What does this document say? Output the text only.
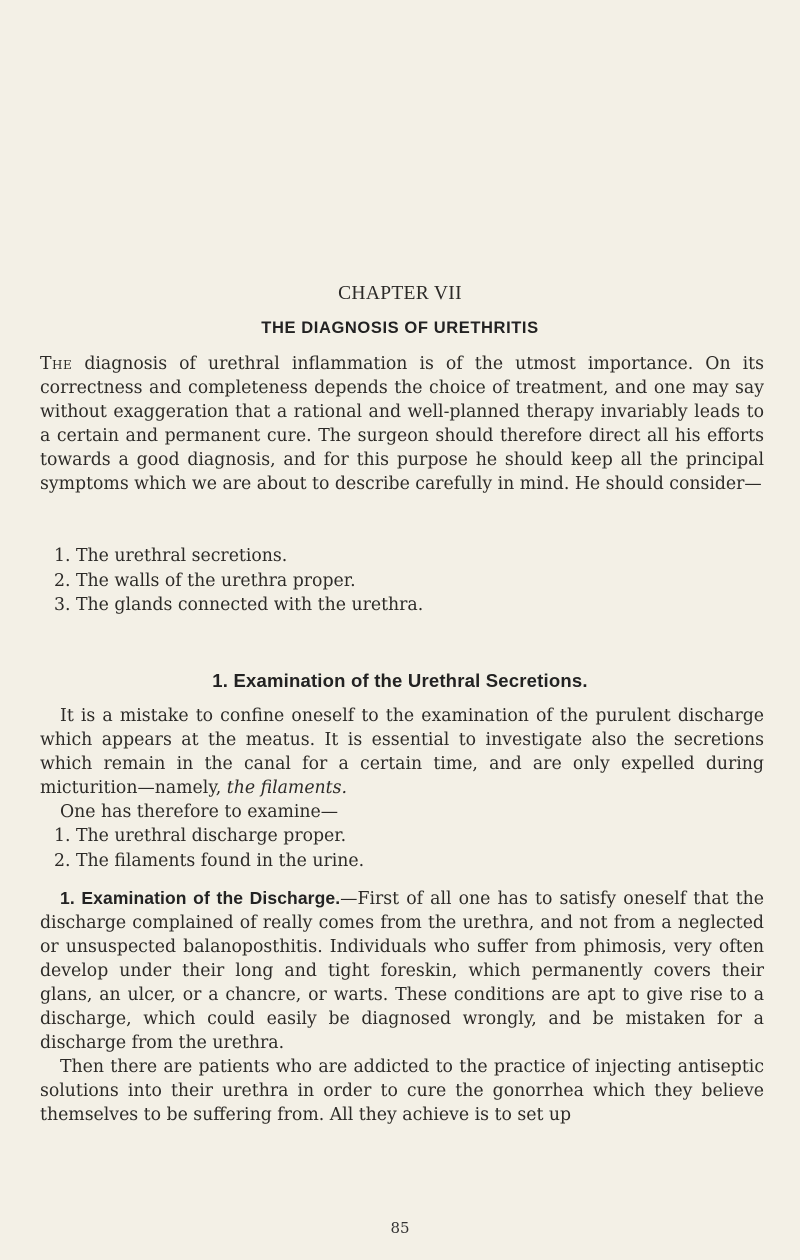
CHAPTER VII
THE DIAGNOSIS OF URETHRITIS

The diagnosis of urethral inflammation is of the utmost importance. On its correctness and completeness depends the choice of treatment, and one may say without exaggeration that a rational and well-planned therapy invariably leads to a certain and permanent cure. The surgeon should therefore direct all his efforts towards a good diagnosis, and for this purpose he should keep all the principal symptoms which we are about to describe carefully in mind. He should consider—

1. The urethral secretions.

2. The walls of the urethra proper.

3. The glands connected with the urethra.

1. Examination of the Urethral Secretions.

It is a mistake to confine oneself to the examination of the purulent discharge which appears at the meatus. It is essential to investigate also the secretions which remain in the canal for a certain time, and are only expelled during micturition—namely, the filaments.

One has therefore to examine—

1. The urethral discharge proper.

2. The filaments found in the urine.

1. Examination of the Discharge.—First of all one has to satisfy oneself that the discharge complained of really comes from the urethra, and not from a neglected or unsuspected balanoposthitis. Individuals who suffer from phimosis, very often develop under their long and tight foreskin, which permanently covers their glans, an ulcer, or a chancre, or warts. These conditions are apt to give rise to a discharge, which could easily be diagnosed wrongly, and be mistaken for a discharge from the urethra.

Then there are patients who are addicted to the practice of injecting antiseptic solutions into their urethra in order to cure the gonorrhea which they believe themselves to be suffering from. All they achieve is to set up

85
